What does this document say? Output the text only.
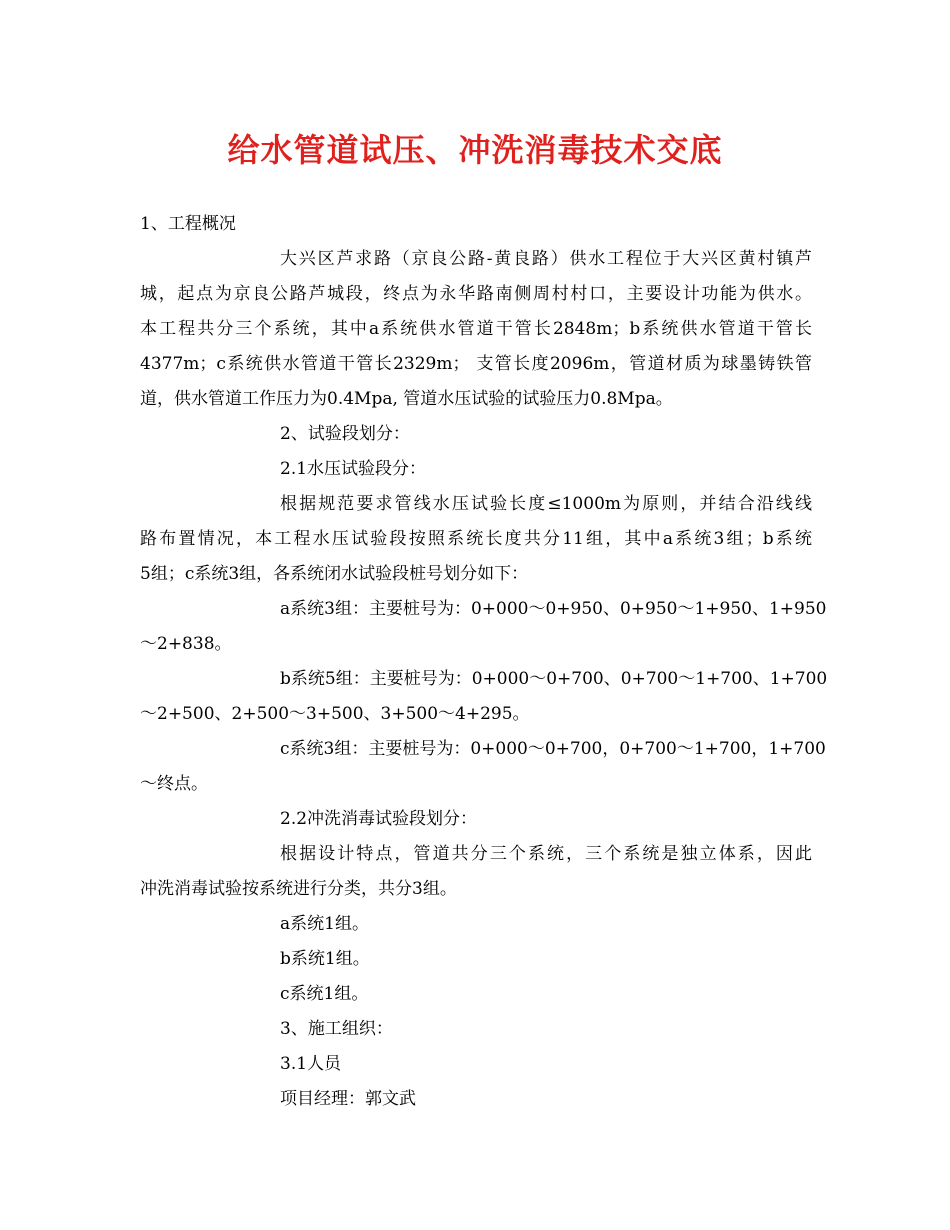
给水管道试压、冲洗消毒技术交底
1、工程概况
大兴区芦求路（京良公路-黄良路）供水工程位于大兴区黄村镇芦
城，起点为京良公路芦城段，终点为永华路南侧周村村口，主要设计功能为供水。
本工程共分三个系统，其中a系统供水管道干管长2848m；b系统供水管道干管长
4377m；c系统供水管道干管长2329m； 支管长度2096m，管道材质为球墨铸铁管
道，供水管道工作压力为0.4Mpa, 管道水压试验的试验压力0.8Mpa。
2、试验段划分：
2.1水压试验段分：
根据规范要求管线水压试验长度≤1000m为原则，并结合沿线线
路布置情况，本工程水压试验段按照系统长度共分11组，其中a系统3组；b系统
5组；c系统3组，各系统闭水试验段桩号划分如下：
a系统3组：主要桩号为：0+000～0+950、0+950～1+950、1+950
～2+838。
b系统5组：主要桩号为：0+000～0+700、0+700～1+700、1+700
～2+500、2+500～3+500、3+500～4+295。
c系统3组：主要桩号为：0+000～0+700，0+700～1+700，1+700
～终点。
2.2冲洗消毒试验段划分：
根据设计特点，管道共分三个系统，三个系统是独立体系，因此
冲洗消毒试验按系统进行分类，共分3组。
a系统1组。
b系统1组。
c系统1组。
3、施工组织：
3.1人员
项目经理：郭文武
